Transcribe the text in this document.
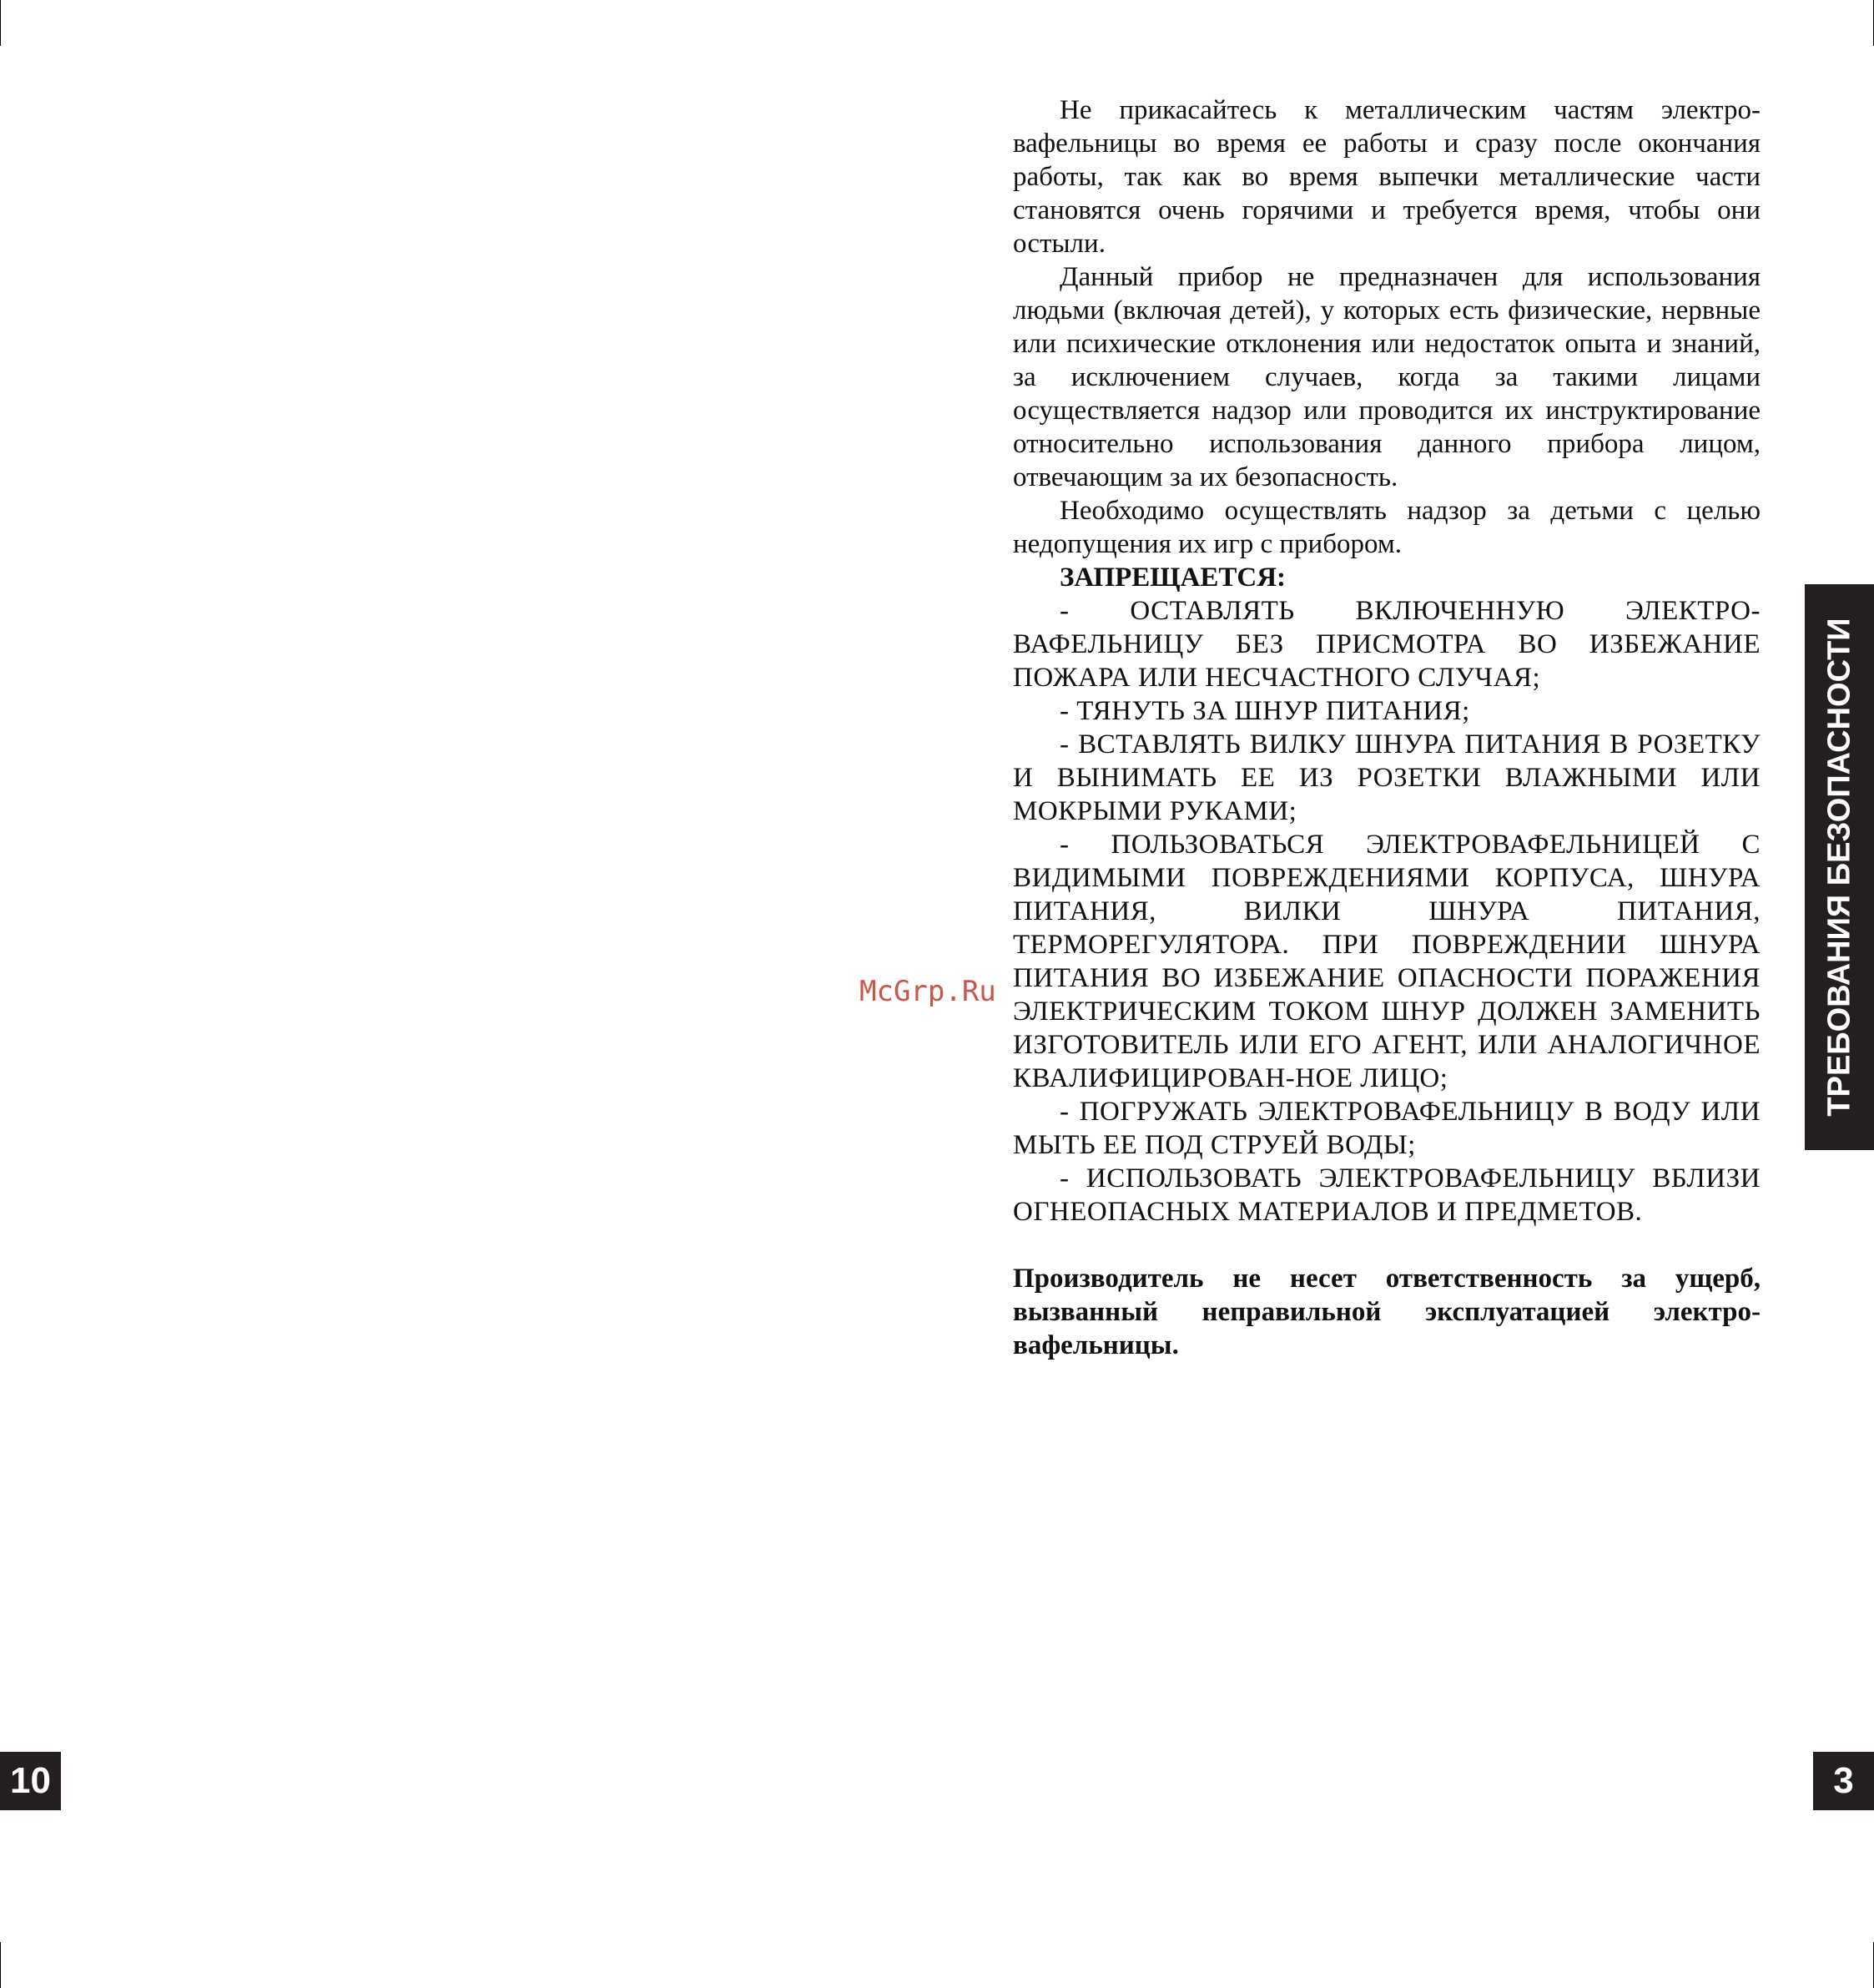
McGrp.Ru

Не прикасайтесь к металлическим частям электро-вафельницы во время ее работы и сразу после окончания работы, так как во время выпечки металлические части становятся очень горячими и требуется время, чтобы они остыли.

Данный прибор не предназначен для использования людьми (включая детей), у которых есть физические, нервные или психические отклонения или недостаток опыта и знаний, за исключением случаев, когда за такими лицами осуществляется надзор или проводится их инструктирование относительно использования данного прибора лицом, отвечающим за их безопасность.

Необходимо осуществлять надзор за детьми с целью недопущения их игр с прибором.

ЗАПРЕЩАЕТСЯ:

- ОСТАВЛЯТЬ ВКЛЮЧЕННУЮ ЭЛЕКТРО-ВАФЕЛЬНИЦУ БЕЗ ПРИСМОТРА ВО ИЗБЕЖАНИЕ ПОЖАРА ИЛИ НЕСЧАСТНОГО СЛУЧАЯ;

- ТЯНУТЬ ЗА ШНУР ПИТАНИЯ;

- ВСТАВЛЯТЬ ВИЛКУ ШНУРА ПИТАНИЯ В РОЗЕТКУ И ВЫНИМАТЬ ЕЕ ИЗ РОЗЕТКИ ВЛАЖНЫМИ ИЛИ МОКРЫМИ РУКАМИ;

- ПОЛЬЗОВАТЬСЯ ЭЛЕКТРОВАФЕЛЬНИЦЕЙ С ВИДИМЫМИ ПОВРЕЖДЕНИЯМИ КОРПУСА, ШНУРА ПИТАНИЯ, ВИЛКИ ШНУРА ПИТАНИЯ, ТЕРМОРЕГУЛЯТОРА. ПРИ ПОВРЕЖДЕНИИ ШНУРА ПИТАНИЯ ВО ИЗБЕЖАНИЕ ОПАСНОСТИ ПОРАЖЕНИЯ ЭЛЕКТРИЧЕСКИМ ТОКОМ ШНУР ДОЛЖЕН ЗАМЕНИТЬ ИЗГОТОВИТЕЛЬ ИЛИ ЕГО АГЕНТ, ИЛИ АНАЛОГИЧНОЕ КВАЛИФИЦИРОВАН-НОЕ ЛИЦО;

- ПОГРУЖАТЬ ЭЛЕКТРОВАФЕЛЬНИЦУ В ВОДУ ИЛИ МЫТЬ ЕЕ ПОД СТРУЕЙ ВОДЫ;

- ИСПОЛЬЗОВАТЬ ЭЛЕКТРОВАФЕЛЬНИЦУ ВБЛИЗИ ОГНЕОПАСНЫХ МАТЕРИАЛОВ И ПРЕДМЕТОВ.

Производитель не несет ответственность за ущерб, вызванный неправильной эксплуатацией электро-вафельницы.

ТРЕБОВАНИЯ БЕЗОПАСНОСТИ
10	3
